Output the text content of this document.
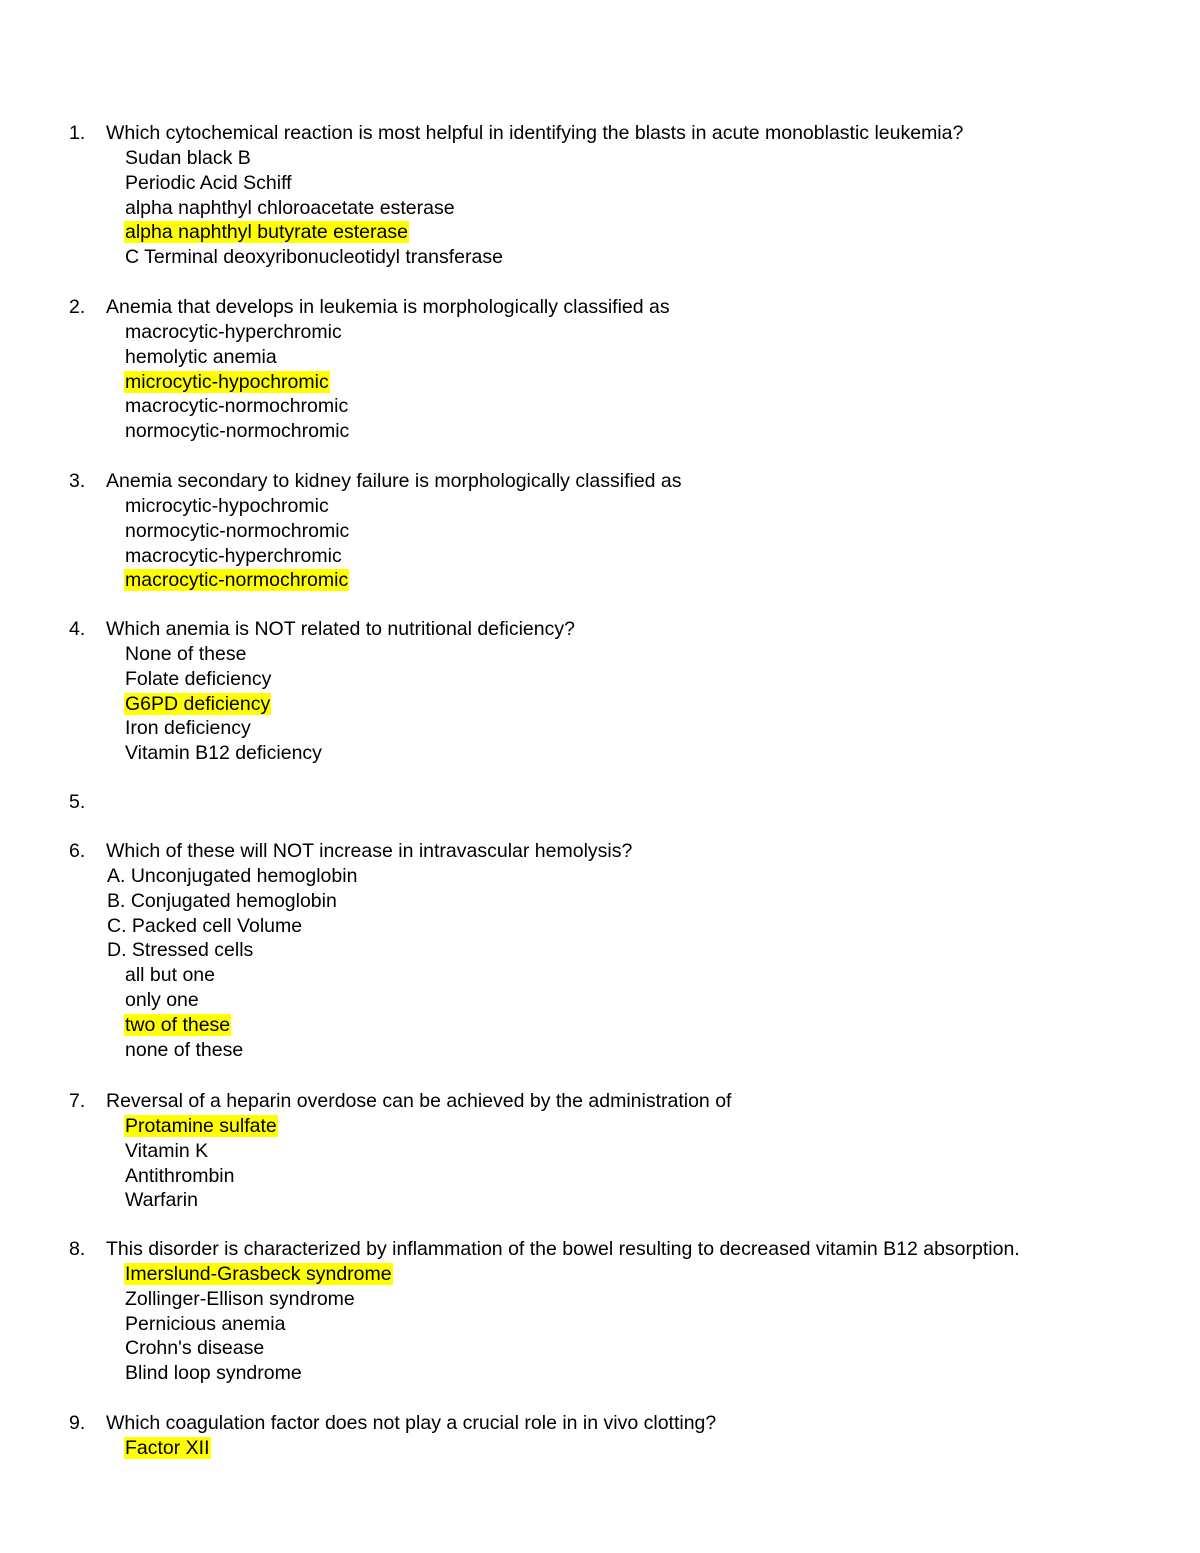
1. Which cytochemical reaction is most helpful in identifying the blasts in acute monoblastic leukemia?
Sudan black B
Periodic Acid Schiff
alpha naphthyl chloroacetate esterase
alpha naphthyl butyrate esterase
C Terminal deoxyribonucleotidyl transferase
2. Anemia that develops in leukemia is morphologically classified as
macrocytic-hyperchromic
hemolytic anemia
microcytic-hypochromic
macrocytic-normochromic
normocytic-normochromic
3. Anemia secondary to kidney failure is morphologically classified as
microcytic-hypochromic
normocytic-normochromic
macrocytic-hyperchromic
macrocytic-normochromic
4. Which anemia is NOT related to nutritional deficiency?
None of these
Folate deficiency
G6PD deficiency
Iron deficiency
Vitamin B12 deficiency
5.
6. Which of these will NOT increase in intravascular hemolysis?
A. Unconjugated hemoglobin
B. Conjugated hemoglobin
C. Packed cell Volume
D. Stressed cells
all but one
only one
two of these
none of these
7. Reversal of a heparin overdose can be achieved by the administration of
Protamine sulfate
Vitamin K
Antithrombin
Warfarin
8. This disorder is characterized by inflammation of the bowel resulting to decreased vitamin B12 absorption.
Imerslund-Grasbeck syndrome
Zollinger-Ellison syndrome
Pernicious anemia
Crohn's disease
Blind loop syndrome
9. Which coagulation factor does not play a crucial role in in vivo clotting?
Factor XII
